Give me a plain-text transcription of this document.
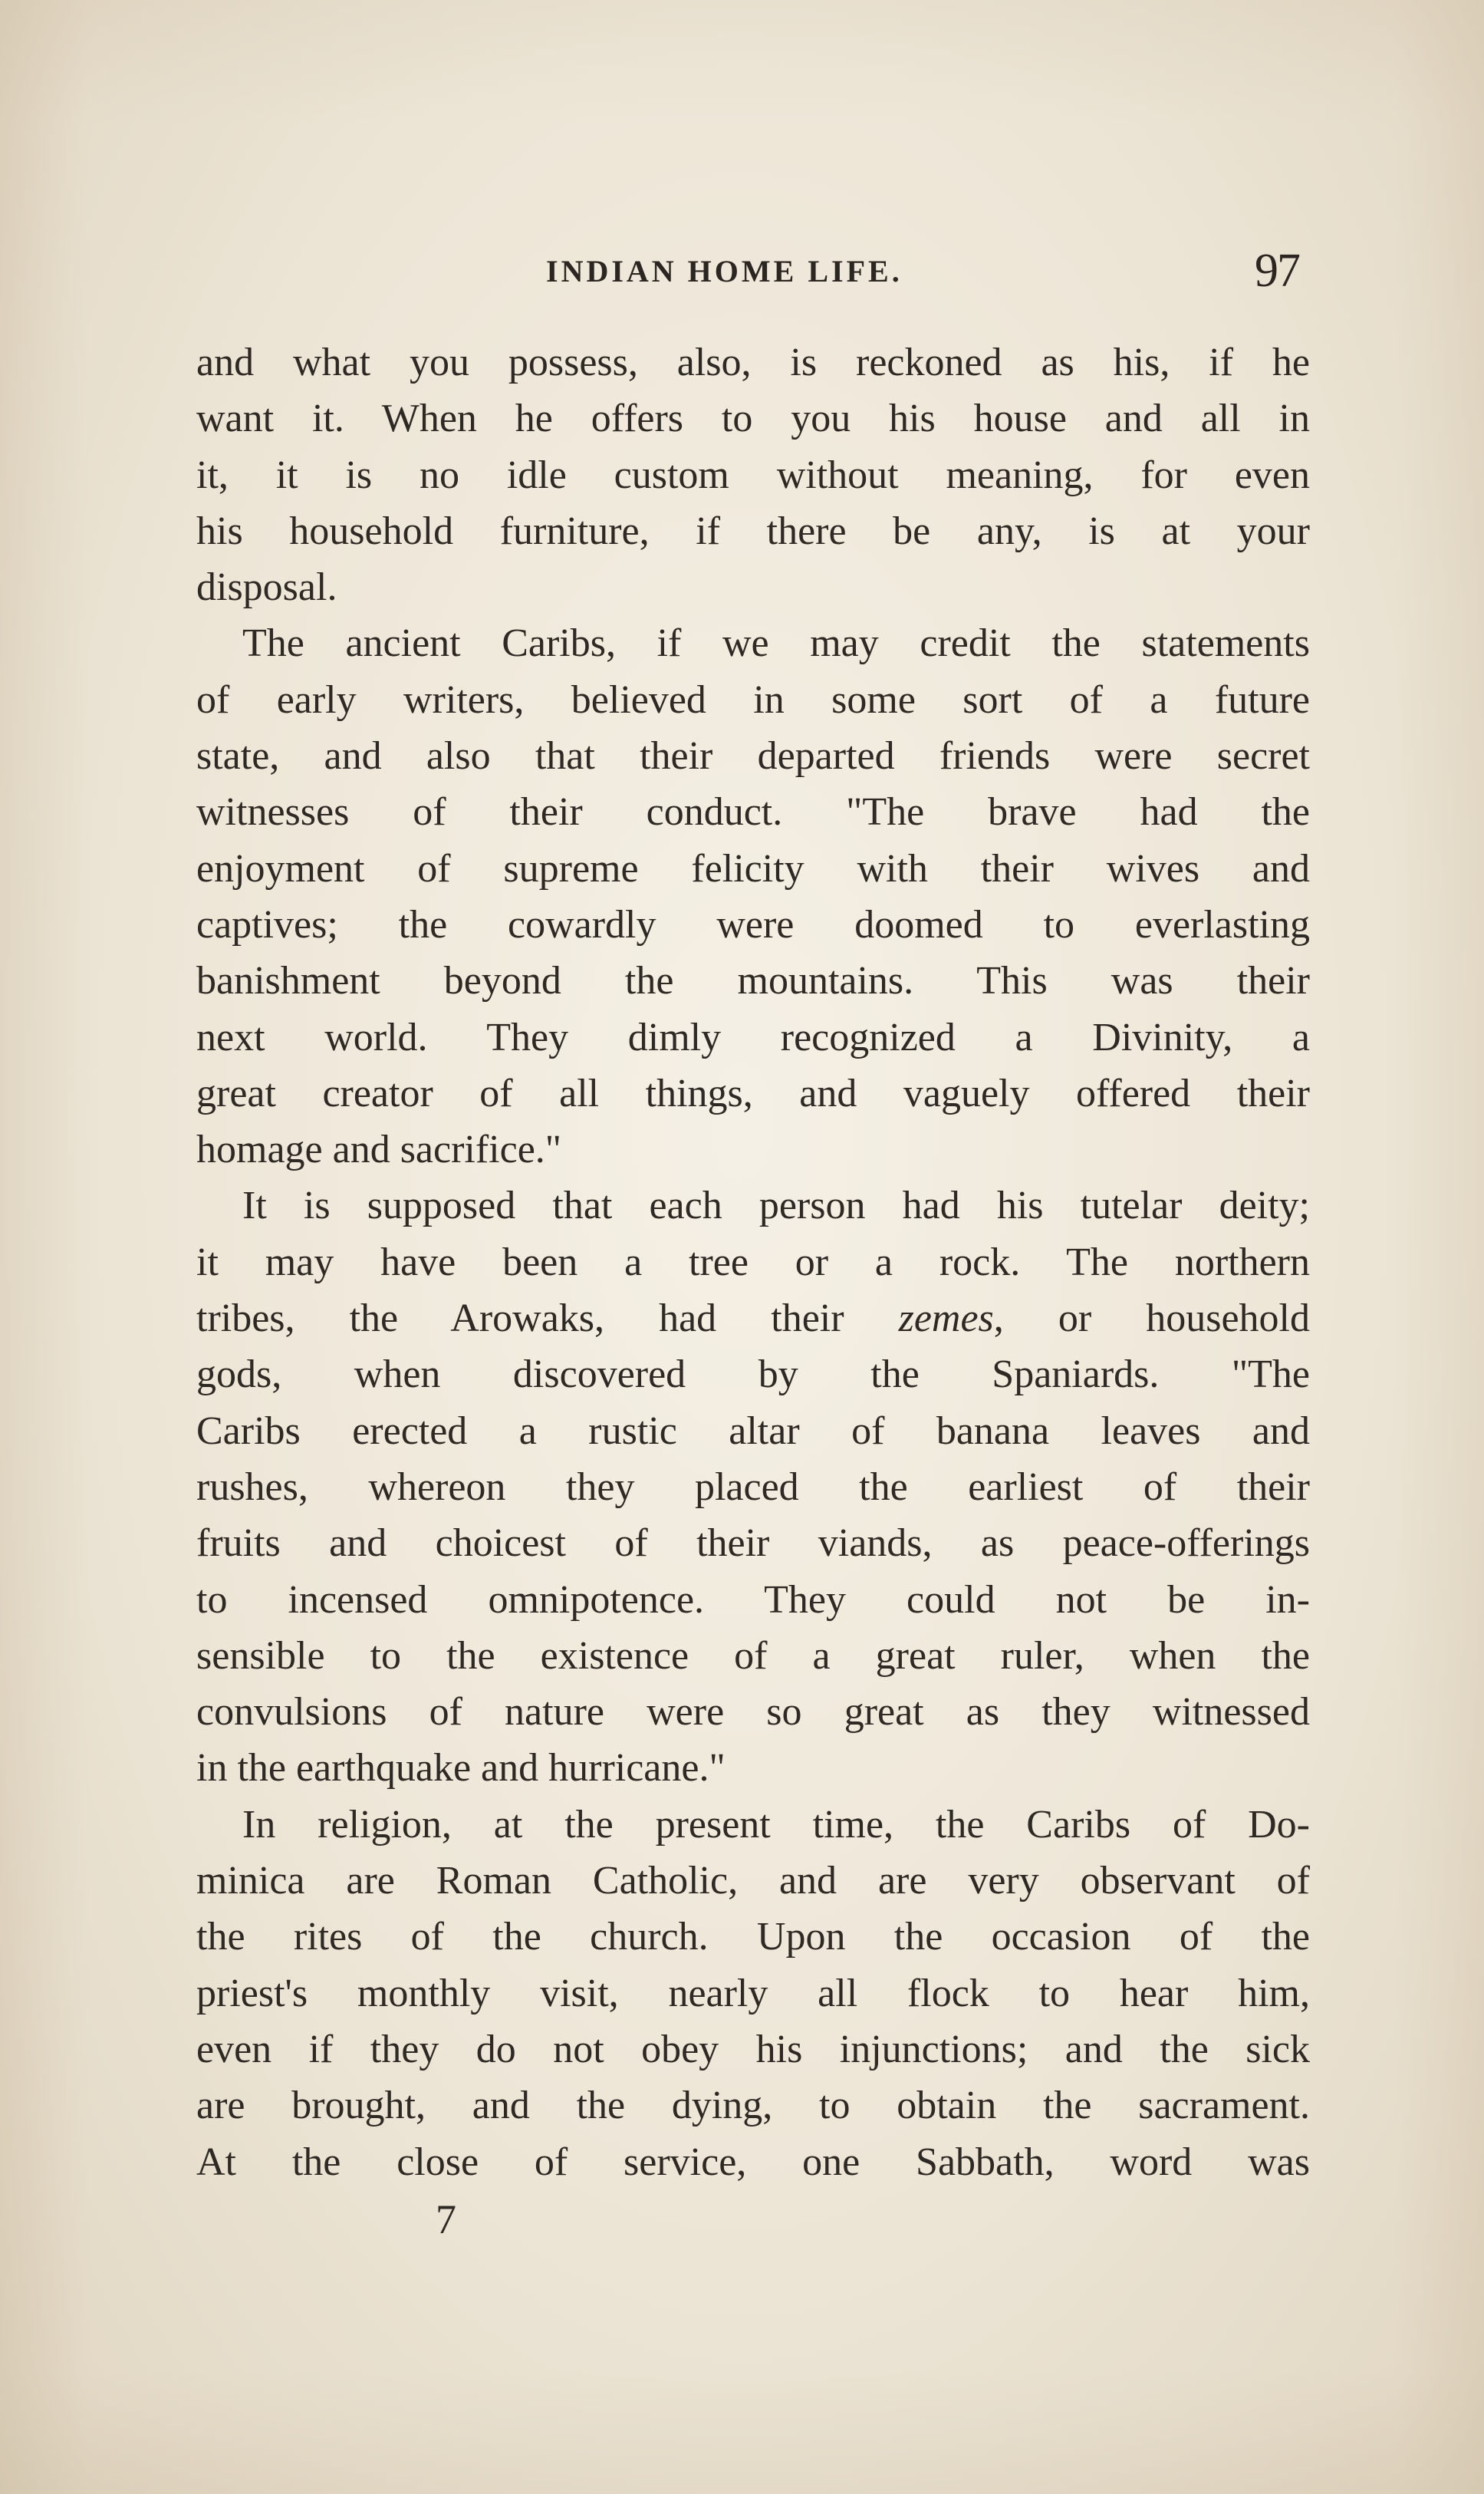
INDIAN HOME LIFE.	97
and what you possess, also, is reckoned as his, if he
want it. When he offers to you his house and all in
it, it is no idle custom without meaning, for even
his household furniture, if there be any, is at your
disposal.
The ancient Caribs, if we may credit the statements
of early writers, believed in some sort of a future
state, and also that their departed friends were secret
witnesses of their conduct. "The brave had the
enjoyment of supreme felicity with their wives and
captives; the cowardly were doomed to everlasting
banishment beyond the mountains. This was their
next world. They dimly recognized a Divinity, a
great creator of all things, and vaguely offered their
homage and sacrifice."
It is supposed that each person had his tutelar deity;
it may have been a tree or a rock. The northern
tribes, the Arowaks, had their zemes, or household
gods, when discovered by the Spaniards. "The
Caribs erected a rustic altar of banana leaves and
rushes, whereon they placed the earliest of their
fruits and choicest of their viands, as peace-offerings
to incensed omnipotence. They could not be in-
sensible to the existence of a great ruler, when the
convulsions of nature were so great as they witnessed
in the earthquake and hurricane."
In religion, at the present time, the Caribs of Do-
minica are Roman Catholic, and are very observant of
the rites of the church. Upon the occasion of the
priest's monthly visit, nearly all flock to hear him,
even if they do not obey his injunctions; and the sick
are brought, and the dying, to obtain the sacrament.
At the close of service, one Sabbath, word was
7
